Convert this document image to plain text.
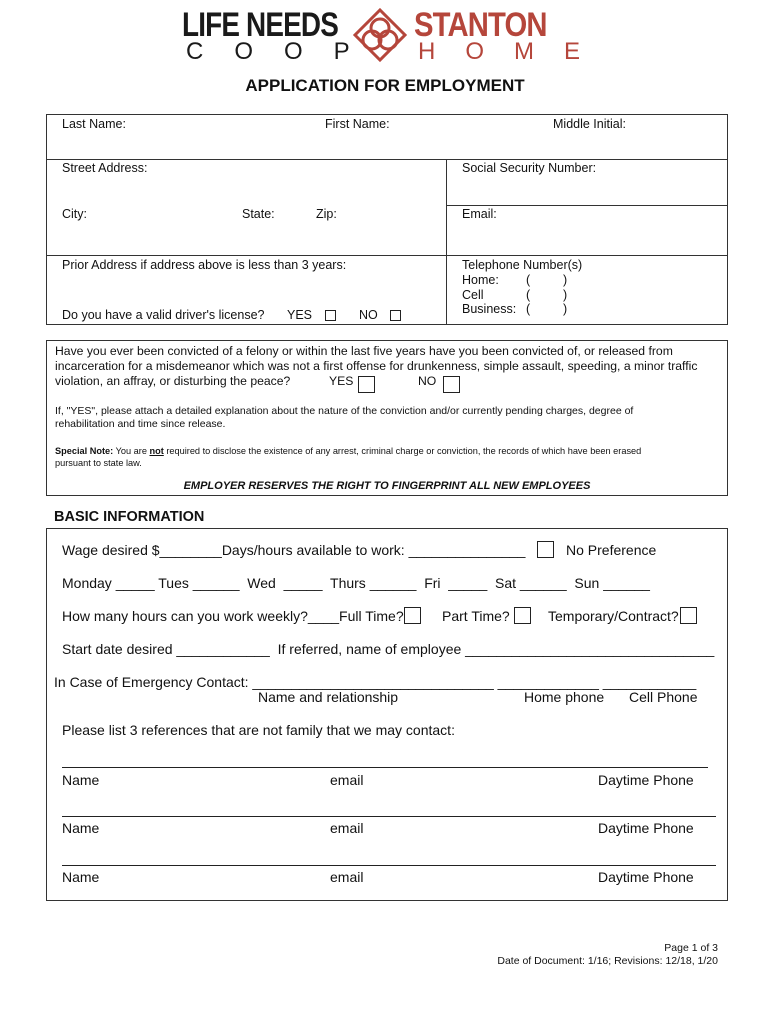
LIFE NEEDS
COOP
STANTON
HOME
APPLICATION FOR EMPLOYMENT
Last Name:	First Name:	Middle Initial:
Street Address:	Social Security Number:
City:	State:	Zip:	Email:
Prior Address if address above is less than 3 years:
Do you have a valid driver's license? YES	NO
Telephone Number(s)
Home: (	)
Cell	(	)
Business: (	)
Have you ever been convicted of a felony or within the last five years have you been convicted of, or released from
incarceration for a misdemeanor which was not a first offense for drunkenness, simple assault, speeding, a minor traffic
violation, an affray, or disturbing the peace?	YES	NO
If, "YES", please attach a detailed explanation about the nature of the conviction and/or currently pending charges, degree of
rehabilitation and time since release.
Special Note: You are not required to disclose the existence of any arrest, criminal charge or conviction, the records of which have been erased
pursuant to state law.
EMPLOYER RESERVES THE RIGHT TO FINGERPRINT ALL NEW EMPLOYEES
BASIC INFORMATION
Wage desired $________Days/hours available to work: _______________	No Preference
Monday _____ Tues ______  Wed  _____  Thurs ______  Fri  _____  Sat ______  Sun ______
How many hours can you work weekly?____Full Time?	Part Time?	Temporary/Contract?
Start date desired ____________  If referred, name of employee ________________________________
In Case of Emergency Contact: _______________________________ _____________ ____________
Name and relationship	Home phone Cell Phone
Please list 3 references that are not family that we may contact:
Name	email	Daytime Phone
Name	email	Daytime Phone
Name	email	Daytime Phone
Page 1 of 3
Date of Document: 1/16; Revisions: 12/18, 1/20
